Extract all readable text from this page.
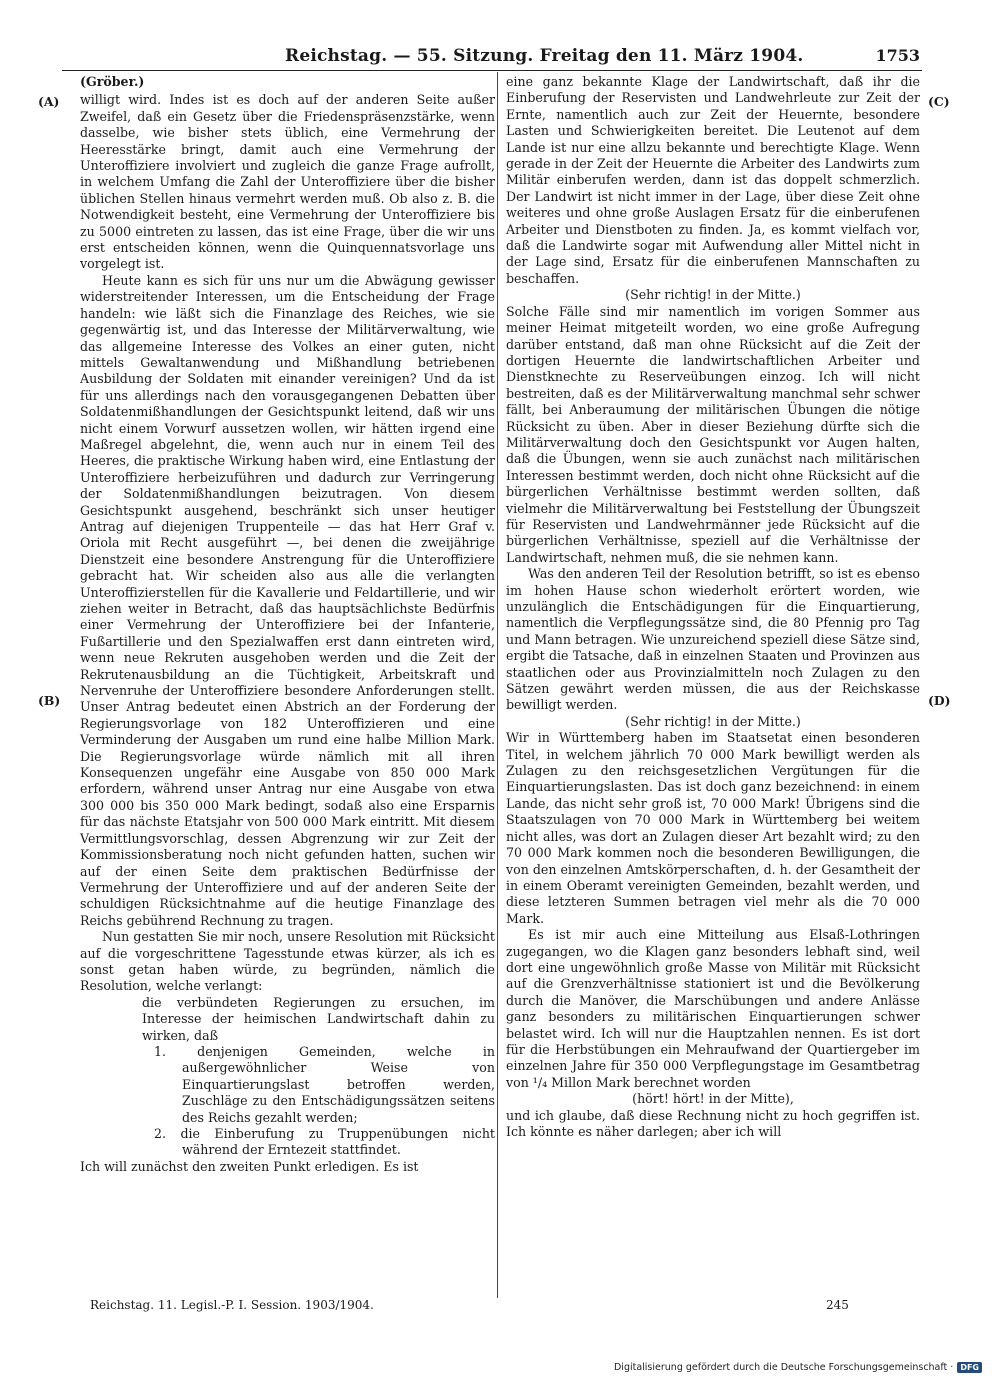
Reichstag. — 55. Sitzung. Freitag den 11. März 1904.	1753
(A)
(B)
(C)
(D)

(Gröber.)

willigt wird. Indes ist es doch auf der anderen Seite außer Zweifel, daß ein Gesetz über die Friedenspräsenzstärke, wenn dasselbe, wie bisher stets üblich, eine Vermehrung der Heeresstärke bringt, damit auch eine Vermehrung der Unteroffiziere involviert und zugleich die ganze Frage aufrollt, in welchem Umfang die Zahl der Unteroffiziere über die bisher üblichen Stellen hinaus vermehrt werden muß. Ob also z. B. die Notwendigkeit besteht, eine Vermehrung der Unteroffiziere bis zu 5000 eintreten zu lassen, das ist eine Frage, über die wir uns erst entscheiden können, wenn die Quinquennatsvorlage uns vorgelegt ist.

Heute kann es sich für uns nur um die Abwägung gewisser widerstreitender Interessen, um die Entscheidung der Frage handeln: wie läßt sich die Finanzlage des Reiches, wie sie gegenwärtig ist, und das Interesse der Militärverwaltung, wie das allgemeine Interesse des Volkes an einer guten, nicht mittels Gewaltanwendung und Mißhandlung betriebenen Ausbildung der Soldaten mit einander vereinigen? Und da ist für uns allerdings nach den vorausgegangenen Debatten über Soldatenmißhandlungen der Gesichtspunkt leitend, daß wir uns nicht einem Vorwurf aussetzen wollen, wir hätten irgend eine Maßregel abgelehnt, die, wenn auch nur in einem Teil des Heeres, die praktische Wirkung haben wird, eine Entlastung der Unteroffiziere herbeizuführen und dadurch zur Verringerung der Soldatenmißhandlungen beizutragen. Von diesem Gesichtspunkt ausgehend, beschränkt sich unser heutiger Antrag auf diejenigen Truppenteile — das hat Herr Graf v. Oriola mit Recht ausgeführt —, bei denen die zweijährige Dienstzeit eine besondere Anstrengung für die Unteroffiziere gebracht hat. Wir scheiden also aus alle die verlangten Unteroffizierstellen für die Kavallerie und Feldartillerie, und wir ziehen weiter in Betracht, daß das hauptsächlichste Bedürfnis einer Vermehrung der Unteroffiziere bei der Infanterie, Fußartillerie und den Spezialwaffen erst dann eintreten wird, wenn neue Rekruten ausgehoben werden und die Zeit der Rekrutenausbildung an die Tüchtigkeit, Arbeitskraft und Nervenruhe der Unteroffiziere besondere Anforderungen stellt. Unser Antrag bedeutet einen Abstrich an der Forderung der Regierungsvorlage von 182 Unteroffizieren und eine Verminderung der Ausgaben um rund eine halbe Million Mark. Die Regierungsvorlage würde nämlich mit all ihren Konsequenzen ungefähr eine Ausgabe von 850 000 Mark erfordern, während unser Antrag nur eine Ausgabe von etwa 300 000 bis 350 000 Mark bedingt, sodaß also eine Ersparnis für das nächste Etatsjahr von 500 000 Mark eintritt. Mit diesem Vermittlungsvorschlag, dessen Abgrenzung wir zur Zeit der Kommissionsberatung noch nicht gefunden hatten, suchen wir auf der einen Seite dem praktischen Bedürfnisse der Vermehrung der Unteroffiziere und auf der anderen Seite der schuldigen Rücksichtnahme auf die heutige Finanzlage des Reichs gebührend Rechnung zu tragen.

Nun gestatten Sie mir noch, unsere Resolution mit Rücksicht auf die vorgeschrittene Tagesstunde etwas kürzer, als ich es sonst getan haben würde, zu begründen, nämlich die Resolution, welche verlangt:

die verbündeten Regierungen zu ersuchen, im Interesse der heimischen Landwirtschaft dahin zu wirken, daß

1. denjenigen Gemeinden, welche in außergewöhnlicher Weise von Einquartierungslast betroffen werden, Zuschläge zu den Entschädigungssätzen seitens des Reichs gezahlt werden;

2. die Einberufung zu Truppenübungen nicht während der Erntezeit stattfindet.

Ich will zunächst den zweiten Punkt erledigen. Es ist

eine ganz bekannte Klage der Landwirtschaft, daß ihr die Einberufung der Reservisten und Landwehrleute zur Zeit der Ernte, namentlich auch zur Zeit der Heuernte, besondere Lasten und Schwierigkeiten bereitet. Die Leutenot auf dem Lande ist nur eine allzu bekannte und berechtigte Klage. Wenn gerade in der Zeit der Heuernte die Arbeiter des Landwirts zum Militär einberufen werden, dann ist das doppelt schmerzlich. Der Landwirt ist nicht immer in der Lage, über diese Zeit ohne weiteres und ohne große Auslagen Ersatz für die einberufenen Arbeiter und Dienstboten zu finden. Ja, es kommt vielfach vor, daß die Landwirte sogar mit Aufwendung aller Mittel nicht in der Lage sind, Ersatz für die einberufenen Mannschaften zu beschaffen.

(Sehr richtig! in der Mitte.)

Solche Fälle sind mir namentlich im vorigen Sommer aus meiner Heimat mitgeteilt worden, wo eine große Aufregung darüber entstand, daß man ohne Rücksicht auf die Zeit der dortigen Heuernte die landwirtschaftlichen Arbeiter und Dienstknechte zu Reserveübungen einzog. Ich will nicht bestreiten, daß es der Militärverwaltung manchmal sehr schwer fällt, bei Anberaumung der militärischen Übungen die nötige Rücksicht zu üben. Aber in dieser Beziehung dürfte sich die Militärverwaltung doch den Gesichtspunkt vor Augen halten, daß die Übungen, wenn sie auch zunächst nach militärischen Interessen bestimmt werden, doch nicht ohne Rücksicht auf die bürgerlichen Verhältnisse bestimmt werden sollten, daß vielmehr die Militärverwaltung bei Feststellung der Übungszeit für Reservisten und Landwehrmänner jede Rücksicht auf die bürgerlichen Verhältnisse, speziell auf die Verhältnisse der Landwirtschaft, nehmen muß, die sie nehmen kann.

Was den anderen Teil der Resolution betrifft, so ist es ebenso im hohen Hause schon wiederholt erörtert worden, wie unzulänglich die Entschädigungen für die Einquartierung, namentlich die Verpflegungssätze sind, die 80 Pfennig pro Tag und Mann betragen. Wie unzureichend speziell diese Sätze sind, ergibt die Tatsache, daß in einzelnen Staaten und Provinzen aus staatlichen oder aus Provinzialmitteln noch Zulagen zu den Sätzen gewährt werden müssen, die aus der Reichskasse bewilligt werden.

(Sehr richtig! in der Mitte.)

Wir in Württemberg haben im Staatsetat einen besonderen Titel, in welchem jährlich 70 000 Mark bewilligt werden als Zulagen zu den reichsgesetzlichen Vergütungen für die Einquartierungslasten. Das ist doch ganz bezeichnend: in einem Lande, das nicht sehr groß ist, 70 000 Mark! Übrigens sind die Staatszulagen von 70 000 Mark in Württemberg bei weitem nicht alles, was dort an Zulagen dieser Art bezahlt wird; zu den 70 000 Mark kommen noch die besonderen Bewilligungen, die von den einzelnen Amtskörperschaften, d. h. der Gesamtheit der in einem Oberamt vereinigten Gemeinden, bezahlt werden, und diese letzteren Summen betragen viel mehr als die 70 000 Mark.

Es ist mir auch eine Mitteilung aus Elsaß-Lothringen zugegangen, wo die Klagen ganz besonders lebhaft sind, weil dort eine ungewöhnlich große Masse von Militär mit Rücksicht auf die Grenzverhältnisse stationiert ist und die Bevölkerung durch die Manöver, die Marschübungen und andere Anlässe ganz besonders zu militärischen Einquartierungen schwer belastet wird. Ich will nur die Hauptzahlen nennen. Es ist dort für die Herbstübungen ein Mehraufwand der Quartiergeber im einzelnen Jahre für 350 000 Verpflegungstage im Gesamtbetrag von ¹/₄ Millon Mark berechnet worden

(hört! hört! in der Mitte),

und ich glaube, daß diese Rechnung nicht zu hoch gegriffen ist. Ich könnte es näher darlegen; aber ich will

Reichstag. 11. Legisl.-P. I. Session. 1903/1904.	245
Digitalisierung gefördert durch die Deutsche Forschungsgemeinschaft · DFG
